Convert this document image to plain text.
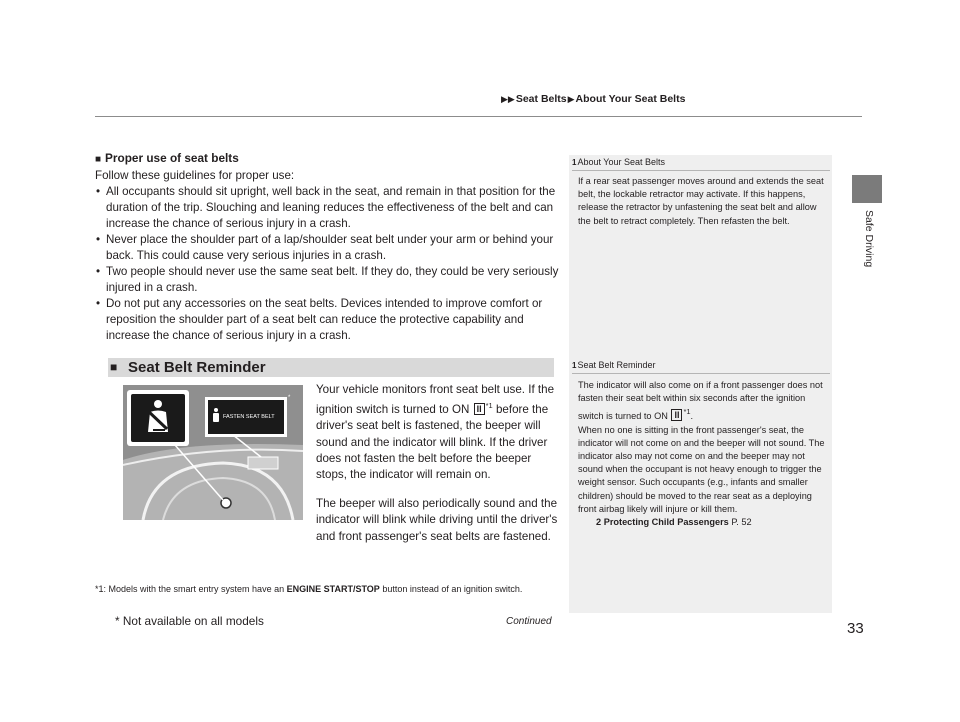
▶▶Seat Belts▶About Your Seat Belts
Safe Driving
■ Proper use of seat belts

Follow these guidelines for proper use:

• All occupants should sit upright, well back in the seat, and remain in that position for the duration of the trip. Slouching and leaning reduces the effectiveness of the belt and can increase the chance of serious injury in a crash.
• Never place the shoulder part of a lap/shoulder seat belt under your arm or behind your back. This could cause very serious injuries in a crash.
• Two people should never use the same seat belt. If they do, they could be very seriously injured in a crash.
• Do not put any accessories on the seat belts. Devices intended to improve comfort or reposition the shoulder part of a seat belt can reduce the protective capability and increase the chance of serious injury in a crash.
■ Seat Belt Reminder
FASTEN SEAT BELT
*

Your vehicle monitors front seat belt use. If the ignition switch is turned to ON II $^{*1}$ before the driver's seat belt is fastened, the beeper will sound and the indicator will blink. If the driver does not fasten the belt before the beeper stops, the indicator will remain on.

The beeper will also periodically sound and the indicator will blink while driving until the driver's and front passenger's seat belts are fastened.

*1: Models with the smart entry system have an ENGINE START/STOP button instead of an ignition switch.
Continued	33
* Not available on all models
1About Your Seat Belts
If a rear seat passenger moves around and extends the seat belt, the lockable retractor may activate. If this happens, release the retractor by unfastening the seat belt and allow the belt to retract completely. Then refasten the belt.
1Seat Belt Reminder
The indicator will also come on if a front passenger does not fasten their seat belt within six seconds after the ignition switch is turned to ON II $^{*1}$.
When no one is sitting in the front passenger's seat, the indicator will not come on and the beeper will not sound. The indicator also may not come on and the beeper may not sound when the occupant is not heavy enough to trigger the weight sensor. Such occupants (e.g., infants and smaller children) should be moved to the rear seat as a deploying front airbag likely will injure or kill them.
2 Protecting Child Passengers P. 52
